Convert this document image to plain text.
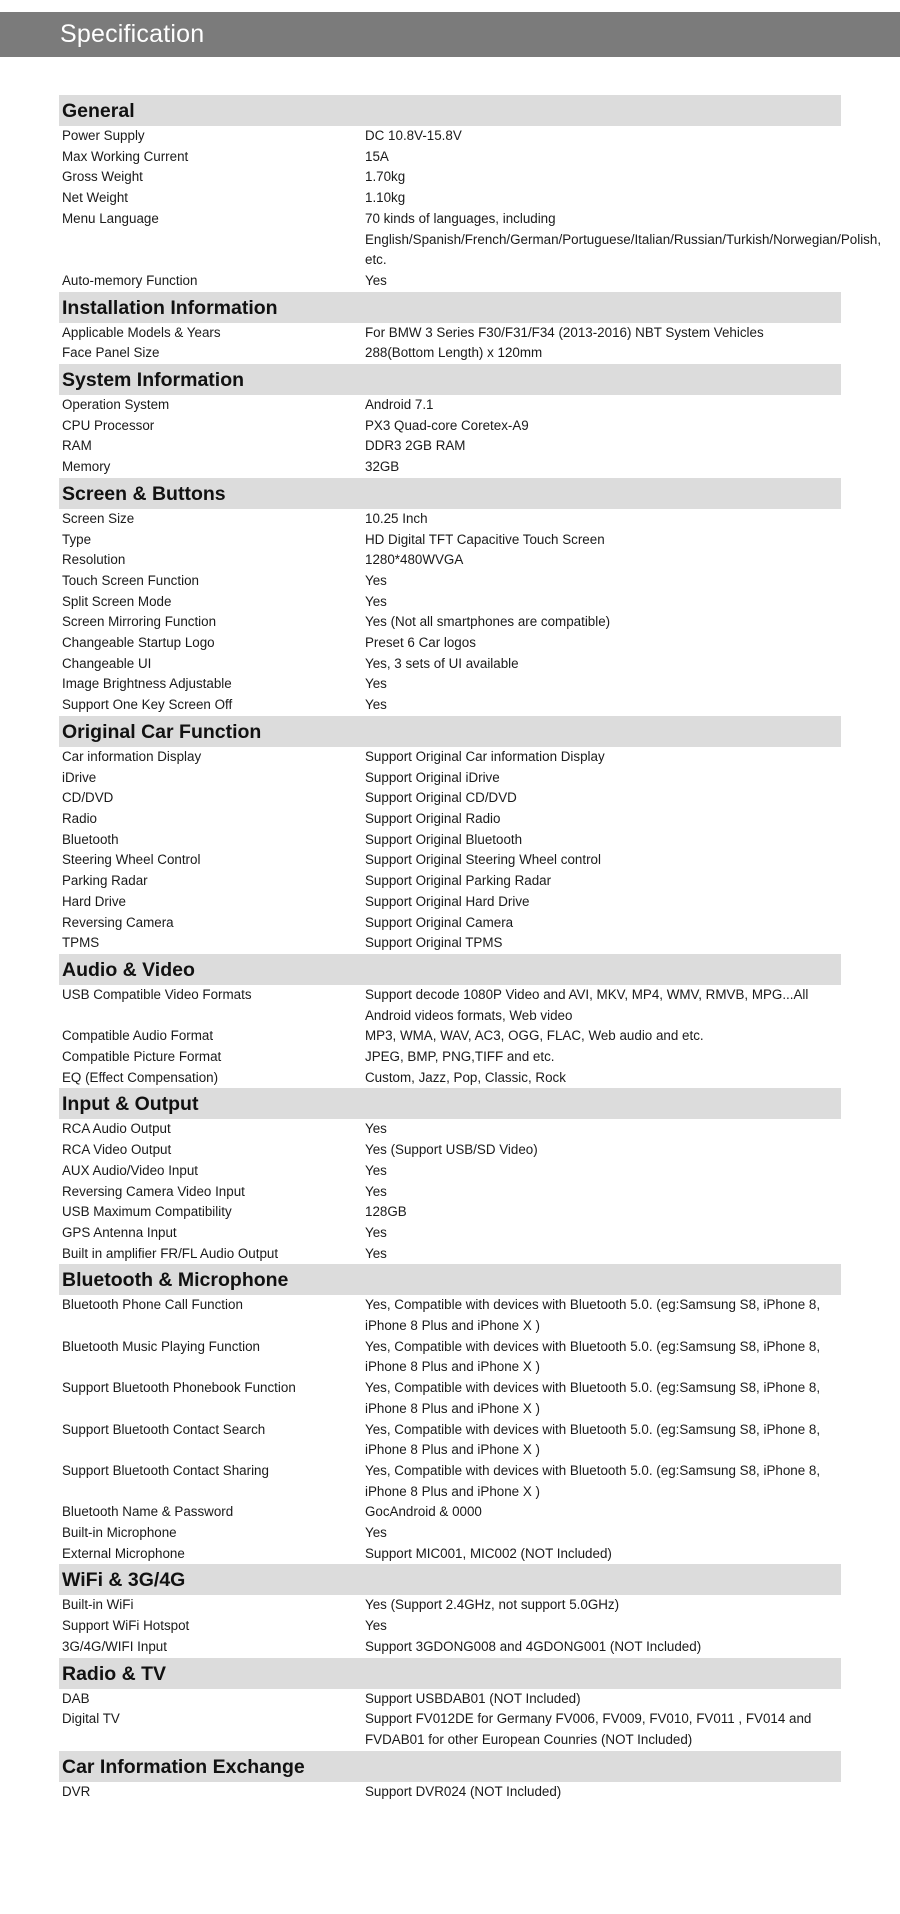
Specification
General
Power Supply	DC 10.8V-15.8V
Max Working Current	15A
Gross Weight	1.70kg
Net Weight	1.10kg
Menu Language	70 kinds of languages, including English/Spanish/French/German/Portuguese/Italian/Russian/Turkish/Norwegian/Polish, etc.
Auto-memory Function	Yes
Installation Information
Applicable Models & Years	For BMW 3 Series F30/F31/F34 (2013-2016) NBT System Vehicles
Face Panel Size	288(Bottom Length) x 120mm
System Information
Operation System	Android 7.1
CPU Processor	PX3 Quad-core Coretex-A9
RAM	DDR3 2GB RAM
Memory	32GB
Screen & Buttons
Screen Size	10.25 Inch
Type	HD Digital TFT Capacitive Touch Screen
Resolution	1280*480WVGA
Touch Screen Function	Yes
Split Screen Mode	Yes
Screen Mirroring Function	Yes (Not all smartphones are compatible)
Changeable Startup Logo	Preset 6 Car logos
Changeable UI	Yes, 3 sets of UI available
Image Brightness Adjustable	Yes
Support One Key Screen Off	Yes
Original Car Function
Car information Display	Support Original Car information Display
iDrive	Support Original iDrive
CD/DVD	Support Original CD/DVD
Radio	Support Original Radio
Bluetooth	Support Original Bluetooth
Steering Wheel Control	Support Original Steering Wheel control
Parking Radar	Support Original Parking Radar
Hard Drive	Support Original Hard Drive
Reversing Camera	Support Original Camera
TPMS	Support Original TPMS
Audio & Video
USB Compatible Video Formats	Support decode 1080P Video and AVI, MKV, MP4, WMV, RMVB, MPG...All Android videos formats, Web video
Compatible Audio Format	MP3, WMA, WAV, AC3, OGG, FLAC, Web audio and etc.
Compatible Picture Format	JPEG, BMP, PNG,TIFF and etc.
EQ (Effect Compensation)	Custom, Jazz, Pop, Classic, Rock
Input & Output
RCA Audio Output	Yes
RCA Video Output	Yes (Support USB/SD Video)
AUX Audio/Video Input	Yes
Reversing Camera Video Input	Yes
USB Maximum Compatibility	128GB
GPS Antenna Input	Yes
Built in amplifier FR/FL Audio Output	Yes
Bluetooth & Microphone
Bluetooth Phone Call Function	Yes, Compatible with devices with Bluetooth 5.0. (eg:Samsung S8, iPhone 8, iPhone 8 Plus and iPhone X )
Bluetooth Music Playing Function	Yes, Compatible with devices with Bluetooth 5.0. (eg:Samsung S8, iPhone 8, iPhone 8 Plus and iPhone X )
Support Bluetooth Phonebook Function	Yes, Compatible with devices with Bluetooth 5.0. (eg:Samsung S8, iPhone 8, iPhone 8 Plus and iPhone X )
Support Bluetooth Contact Search	Yes, Compatible with devices with Bluetooth 5.0. (eg:Samsung S8, iPhone 8, iPhone 8 Plus and iPhone X )
Support Bluetooth Contact Sharing	Yes, Compatible with devices with Bluetooth 5.0. (eg:Samsung S8, iPhone 8, iPhone 8 Plus and iPhone X )
Bluetooth Name & Password	GocAndroid & 0000
Built-in Microphone	Yes
External Microphone	Support MIC001, MIC002 (NOT Included)
WiFi & 3G/4G
Built-in WiFi	Yes (Support 2.4GHz, not support 5.0GHz)
Support WiFi Hotspot	Yes
3G/4G/WIFI Input	Support 3GDONG008 and 4GDONG001 (NOT Included)
Radio & TV
DAB	Support USBDAB01 (NOT Included)
Digital TV	Support FV012DE for Germany FV006, FV009, FV010, FV011 , FV014 and FVDAB01 for other European Counries (NOT Included)
Car Information Exchange
DVR	Support DVR024 (NOT Included)
